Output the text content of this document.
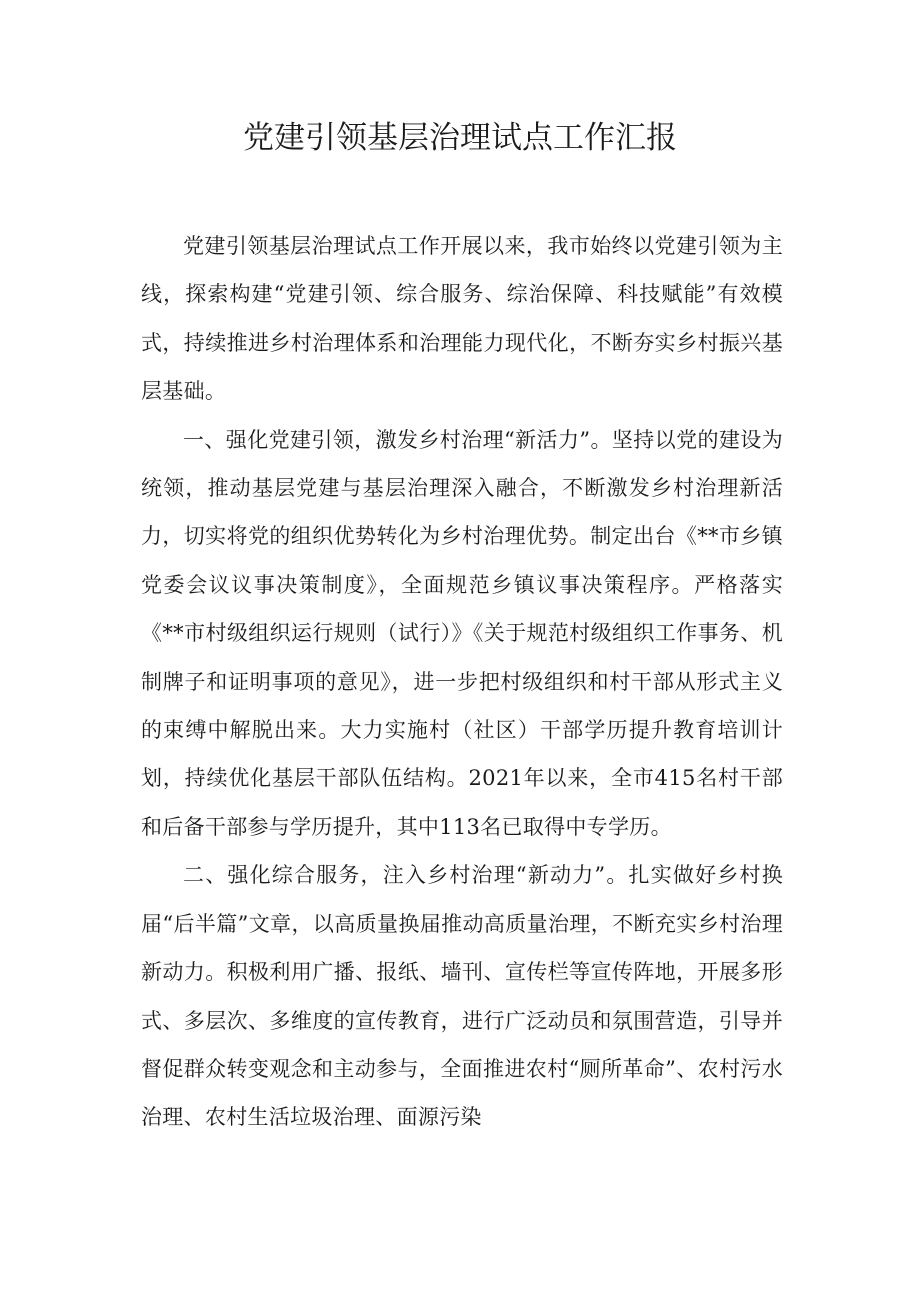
党建引领基层治理试点工作汇报

党建引领基层治理试点工作开展以来，我市始终以党建引领为主线，探索构建“党建引领、综合服务、综治保障、科技赋能”有效模式，持续推进乡村治理体系和治理能力现代化，不断夯实乡村振兴基层基础。

一、强化党建引领，激发乡村治理“新活力”。坚持以党的建设为统领，推动基层党建与基层治理深入融合，不断激发乡村治理新活力，切实将党的组织优势转化为乡村治理优势。制定出台《**市乡镇党委会议议事决策制度》，全面规范乡镇议事决策程序。严格落实《**市村级组织运行规则（试行）》《关于规范村级组织工作事务、机制牌子和证明事项的意见》，进一步把村级组织和村干部从形式主义的束缚中解脱出来。大力实施村（社区）干部学历提升教育培训计划，持续优化基层干部队伍结构。2021年以来，全市415名村干部和后备干部参与学历提升，其中113名已取得中专学历。

二、强化综合服务，注入乡村治理“新动力”。扎实做好乡村换届“后半篇”文章，以高质量换届推动高质量治理，不断充实乡村治理新动力。积极利用广播、报纸、墙刊、宣传栏等宣传阵地，开展多形式、多层次、多维度的宣传教育，进行广泛动员和氛围营造，引导并督促群众转变观念和主动参与，全面推进农村“厕所革命”、农村污水治理、农村生活垃圾治理、面源污染
